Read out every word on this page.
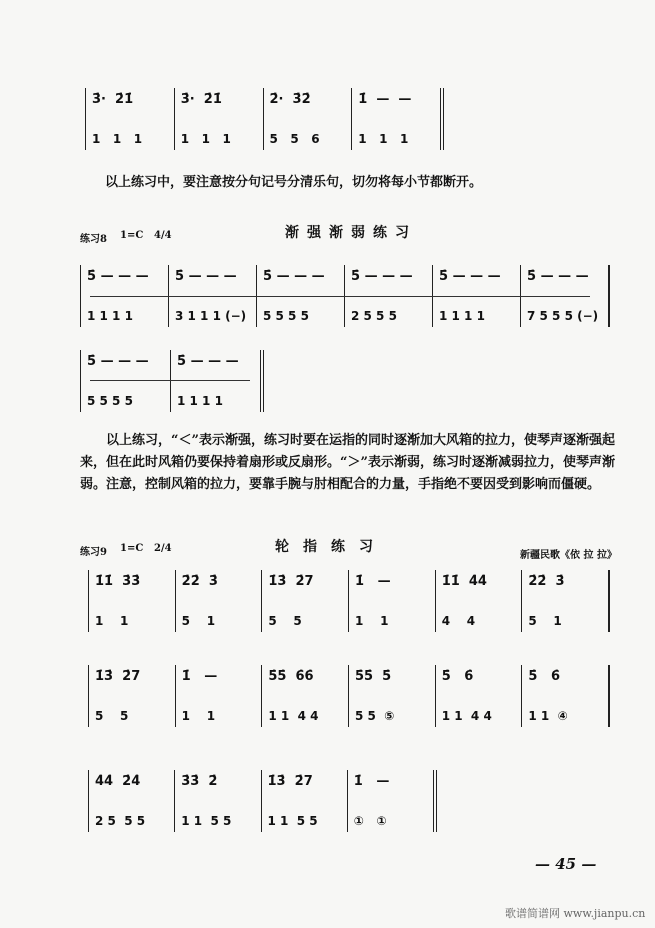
3̇·  2̇1̇
1   1   1
3̇·  2̇1̇
1   1   1
2̇·  3̇2̇
5   5   6
1̇  —  —
1   1   1
以上练习中，要注意按分句记号分清乐句，切勿将每小节都断开。
练习8 1=C 4/4	渐强渐弱练习
5̇ — — —
1 1 1 1
5̇ — — —
3 1 1 1 (−)
5̇ — — —
5 5 5 5
5̇ — — —
2 5 5 5
5̇ — — —
1 1 1 1
5̇ — — —
7 5 5 5 (−)
5̇ — — —
5 5 5 5
5̇ — — —
1 1 1 1
以上练习，“＜”表示渐强，练习时要在运指的同时逐渐加大风箱的拉力，使琴声逐渐强起来，但在此时风箱仍要保持着扇形或反扇形。“＞”表示渐弱，练习时逐渐减弱拉力，使琴声渐弱。注意，控制风箱的拉力，要靠手腕与肘相配合的力量，手指绝不要因受到影响而僵硬。
练习9 1=C 2/4	轮指练习
新疆民歌《依 拉 拉》
1̇1̇  3̇3̇
1    1
2̇2̇  3̇
5    1
1̇3̇  2̇7
5    5
1̇   —
1    1
1̇1̇  4̇4̇
4    4
2̇2̇  3̇
5    1
1̇3̇  2̇7
5    5
1̇   —
1    1
5̇5̇  6̇6̇
1 1  4 4
5̇5̇  5̇
5 5  ⑤
5̇   6̇
1 1  4 4
5̇   6̇
1 1  ④
4̇4̇  2̇4̇
2 5  5 5
3̇3̇  2̇
1 1  5 5
1̇3̇  2̇7
1 1  5 5
1̇   —
①   ①
— 45 —
歌谱简谱网 www.jianpu.cn
